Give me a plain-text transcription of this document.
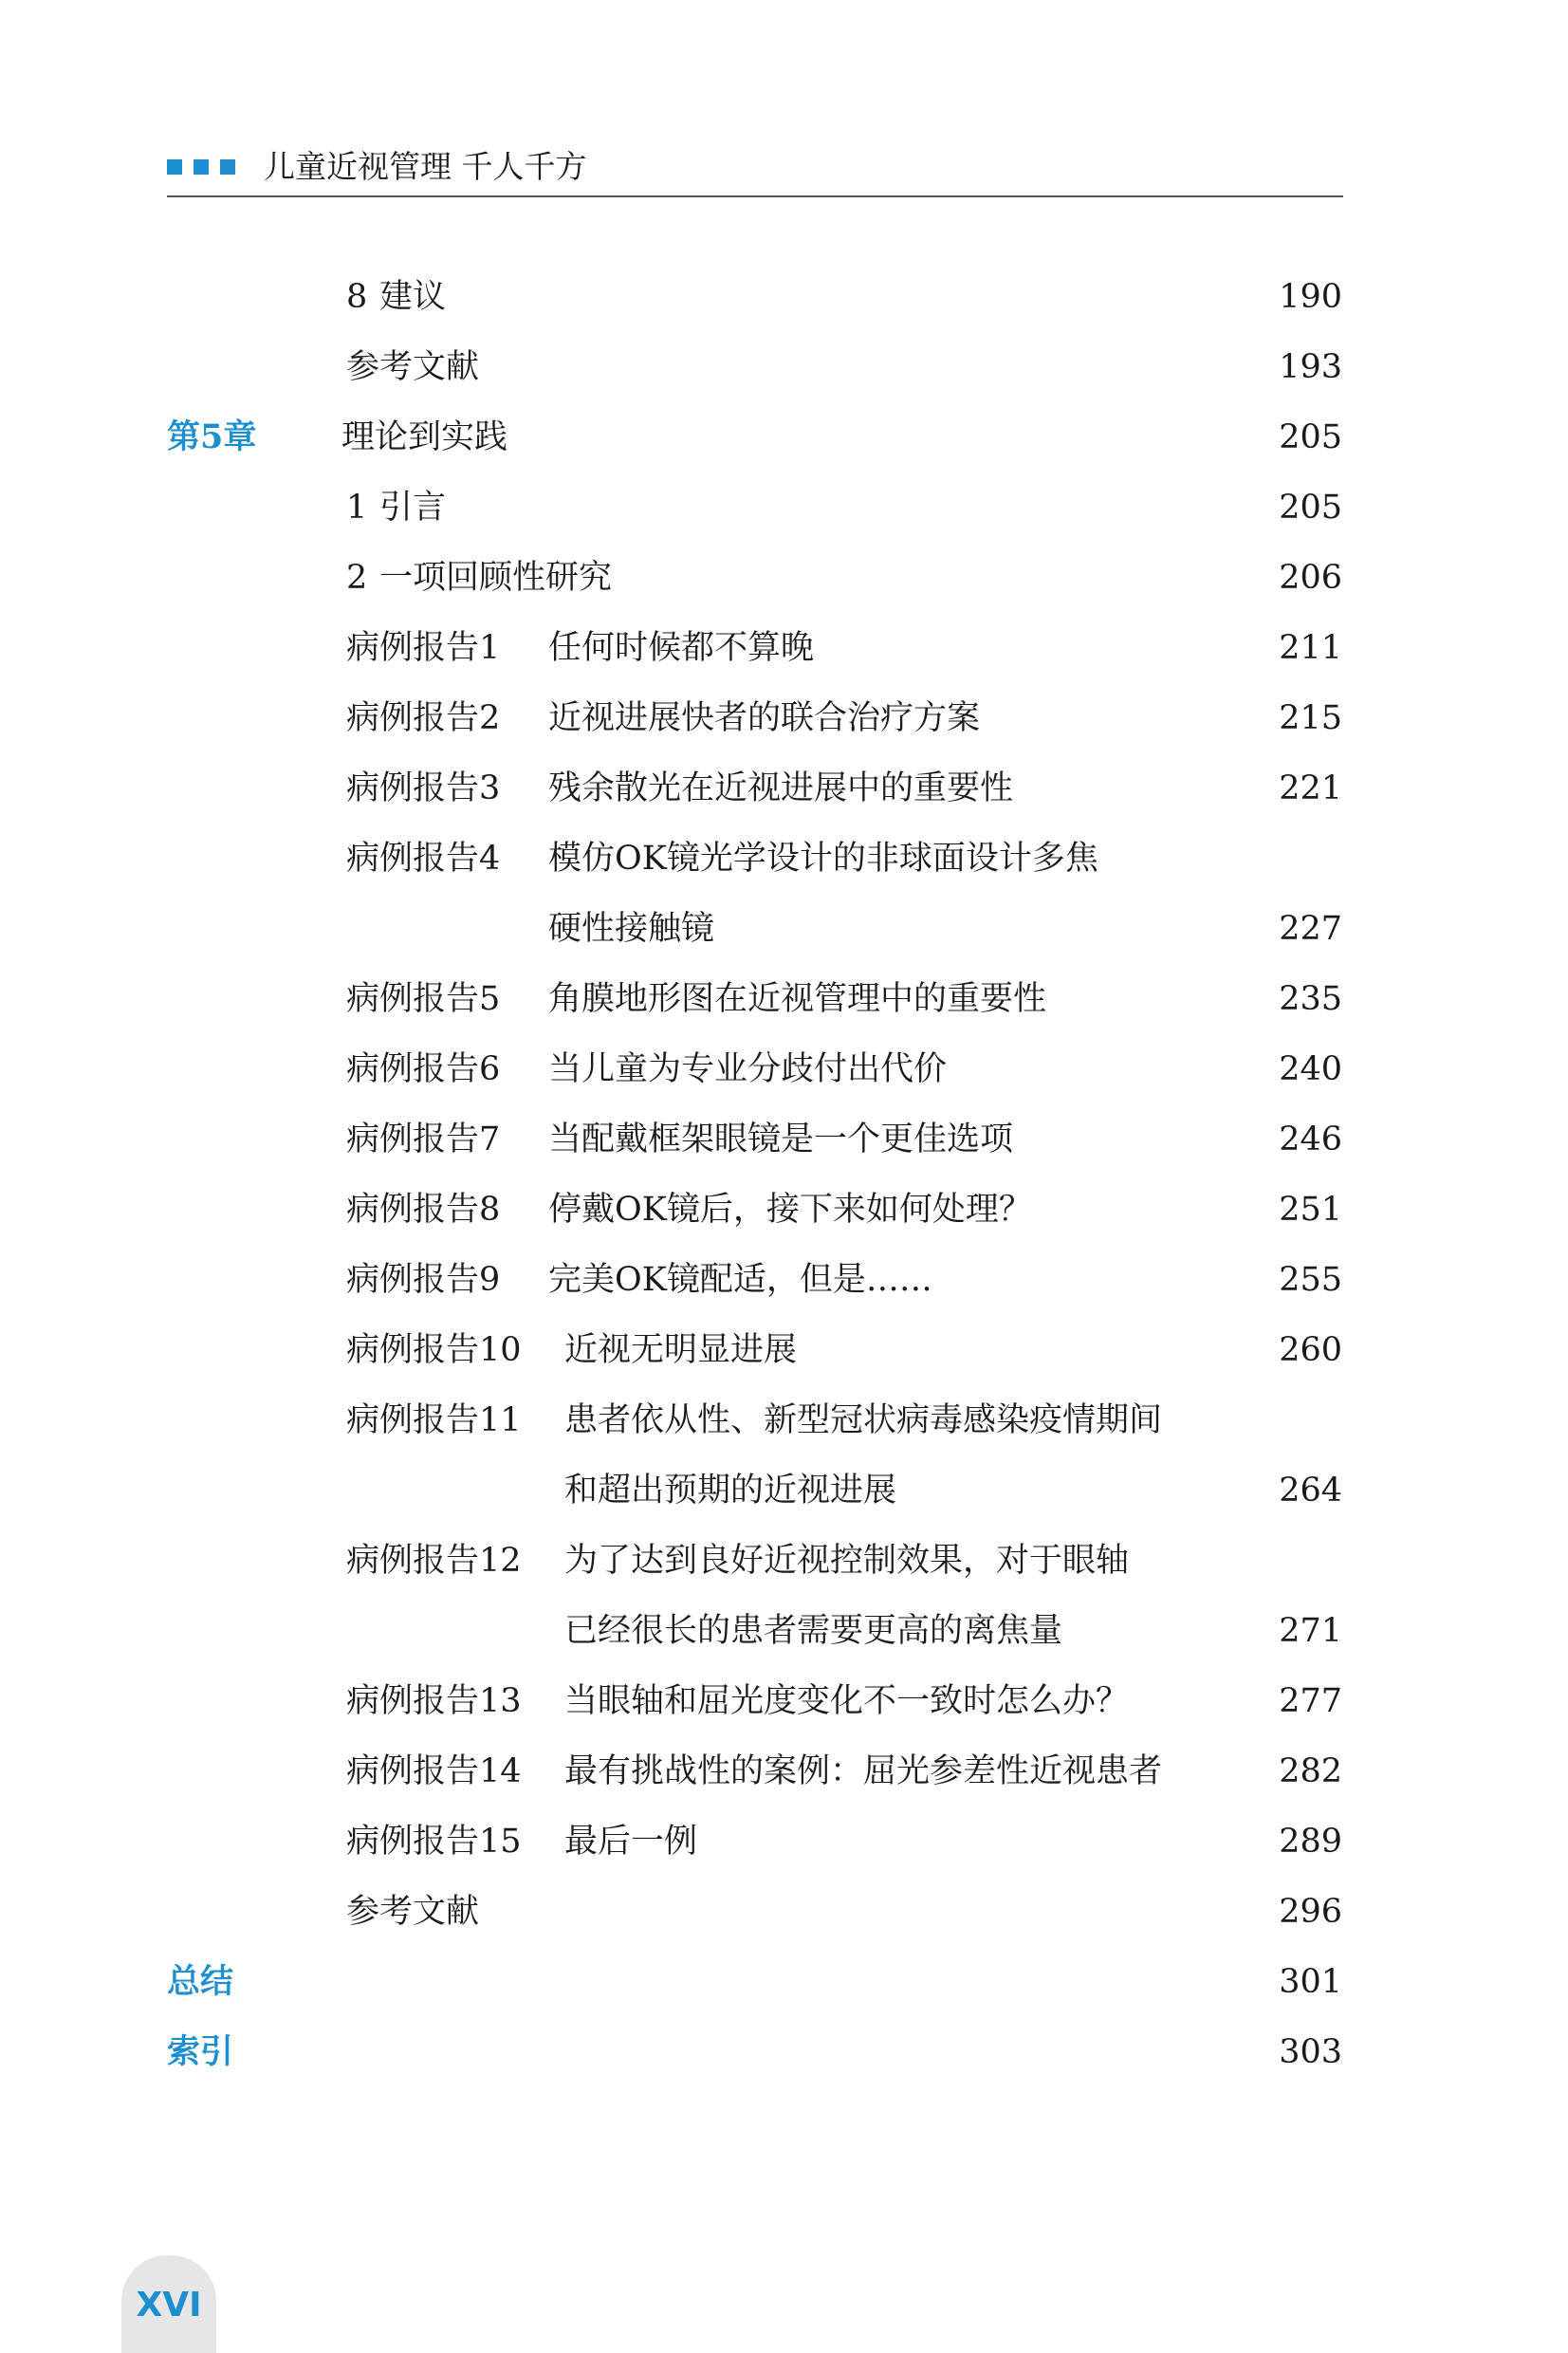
儿童近视管理 千人千方
8 建议	190
参考文献	193
第5章	理论到实践	205
1 引言	205
2 一项回顾性研究	206
病例报告1 任何时候都不算晚	211
病例报告2 近视进展快者的联合治疗方案	215
病例报告3 残余散光在近视进展中的重要性	221
病例报告4 模仿OK镜光学设计的非球面设计多焦
硬性接触镜	227
病例报告5 角膜地形图在近视管理中的重要性	235
病例报告6 当儿童为专业分歧付出代价	240
病例报告7 当配戴框架眼镜是一个更佳选项	246
病例报告8 停戴OK镜后，接下来如何处理？	251
病例报告9 完美OK镜配适，但是……	255
病例报告10 近视无明显进展	260
病例报告11 患者依从性、新型冠状病毒感染疫情期间
和超出预期的近视进展	264
病例报告12 为了达到良好近视控制效果，对于眼轴
已经很长的患者需要更高的离焦量	271
病例报告13 当眼轴和屈光度变化不一致时怎么办？	277
病例报告14 最有挑战性的案例：屈光参差性近视患者	282
病例报告15 最后一例	289
参考文献	296
总结	301
索引	303
XVI
